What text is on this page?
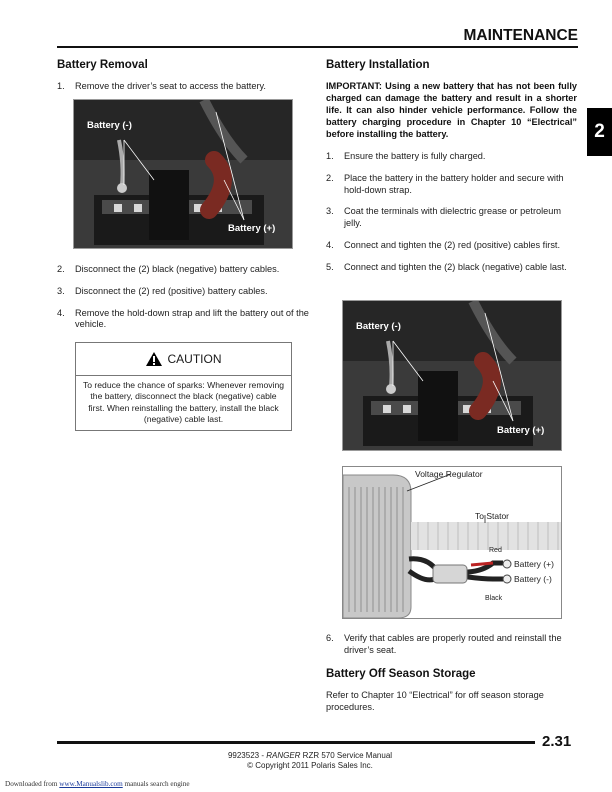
MAINTENANCE
2
Battery Removal
1.	Remove the driver’s seat to access the battery.
Battery (-)
Battery (+)
2.	Disconnect the (2) black (negative) battery cables.
3.	Disconnect the (2) red (positive) battery cables.
4.	Remove the hold-down strap and lift the battery out of the vehicle.
CAUTION
To reduce the chance of sparks: Whenever removing the battery, disconnect the black (negative) cable first. When reinstalling the battery, install the black (negative) cable last.
Battery Installation
IMPORTANT: Using a new battery that has not been fully charged can damage the battery and result in a shorter life. It can also hinder vehicle performance. Follow the battery charging procedure in Chapter 10 “Electrical” before installing the battery.
1.	Ensure the battery is fully charged.
2.	Place the battery in the battery holder and secure with hold-down strap.
3.	Coat the terminals with dielectric grease or petroleum jelly.
4.	Connect and tighten the (2) red (positive) cables first.
5.	Connect and tighten the (2) black (negative) cable last.
Battery (-)
Battery (+)
Voltage Regulator
To Stator
Red
Black
Battery (+)
Battery (-)
6.	Verify that cables are properly routed and reinstall the driver’s seat.
Battery Off Season Storage
Refer to Chapter 10 “Electrical” for off season storage procedures.
2.31
9923523 - RANGER RZR 570 Service Manual
© Copyright 2011 Polaris Sales Inc.
Downloaded from www.Manualslib.com manuals search engine
